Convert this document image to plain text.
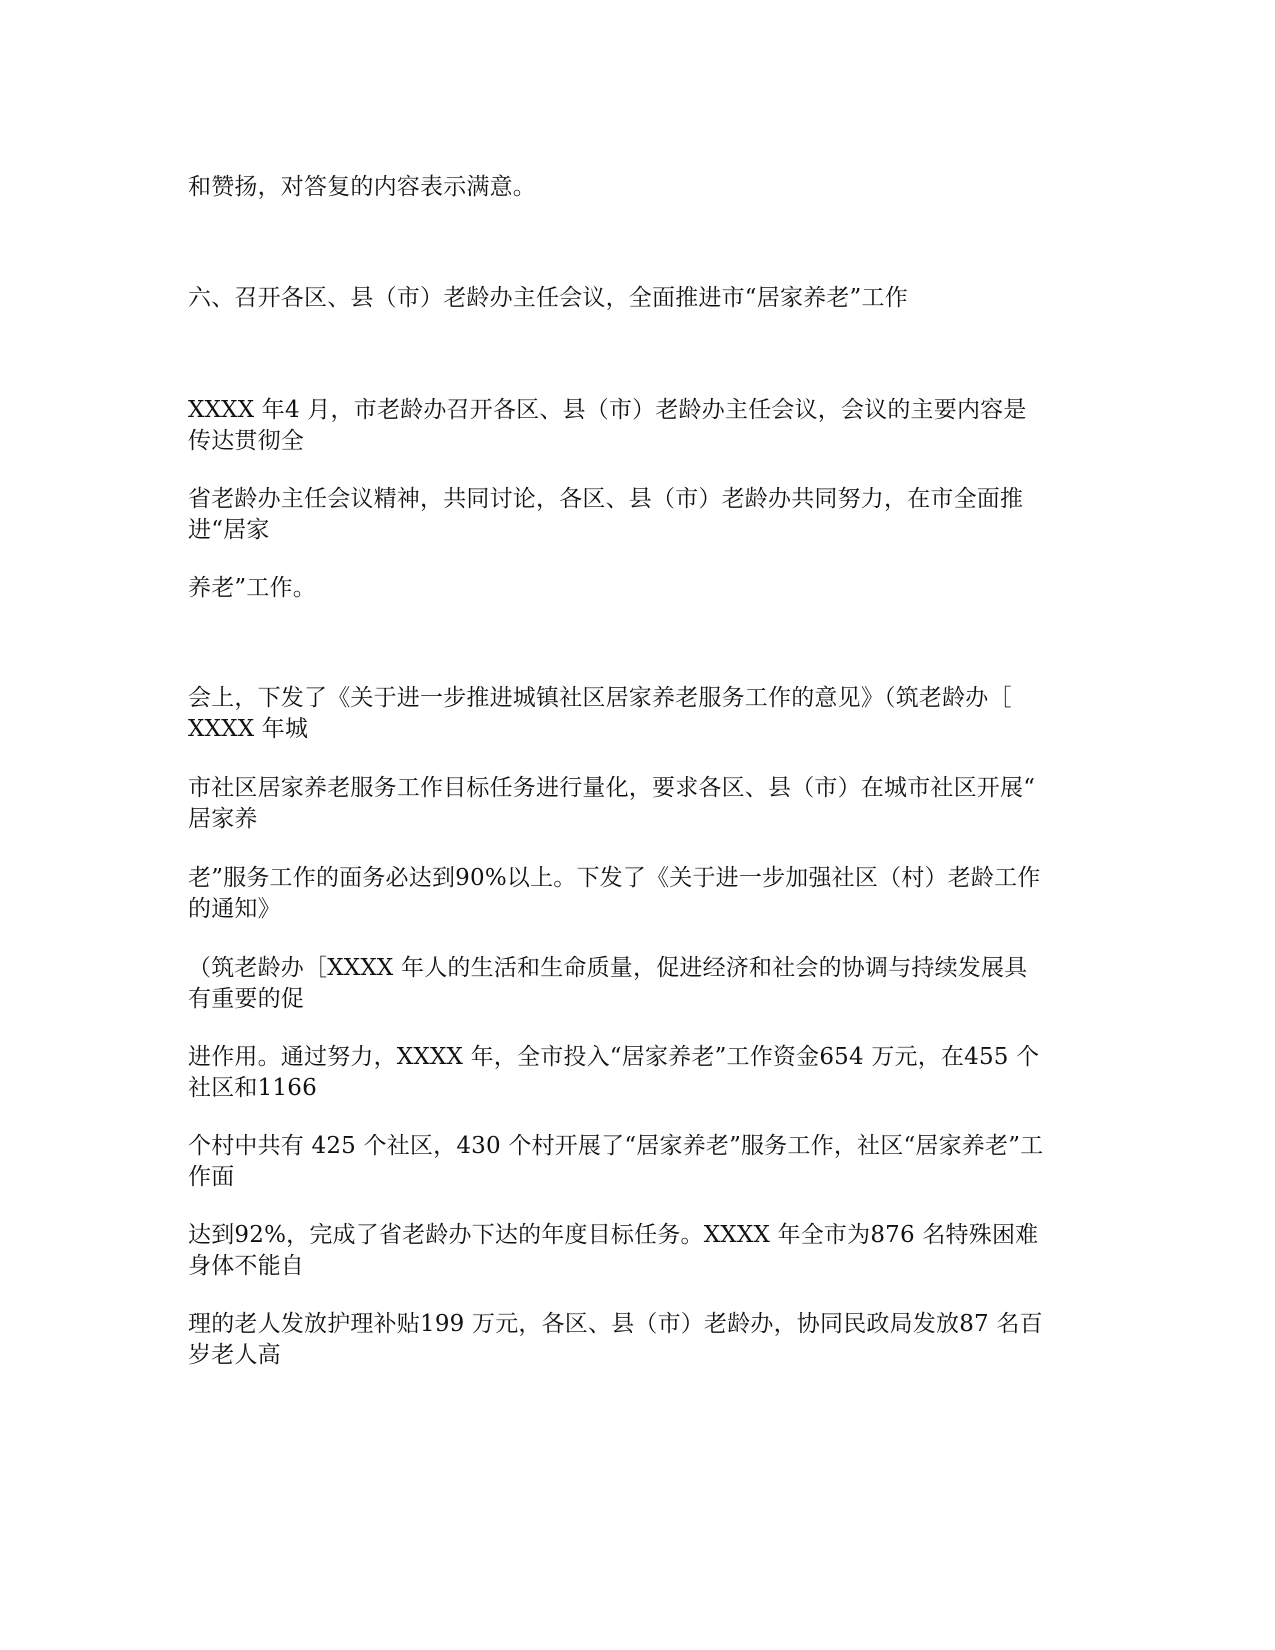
和赞扬，对答复的内容表示满意。
六、召开各区、县（市）老龄办主任会议，全面推进市“居家养老”工作
XXXX 年4 月，市老龄办召开各区、县（市）老龄办主任会议，会议的主要内容是
传达贯彻全
省老龄办主任会议精神，共同讨论，各区、县（市）老龄办共同努力，在市全面推
进“居家
养老”工作。
会上，下发了《关于进一步推进城镇社区居家养老服务工作的意见》（筑老龄办［
XXXX 年城
市社区居家养老服务工作目标任务进行量化，要求各区、县（市）在城市社区开展“
居家养
老”服务工作的面务必达到90%以上。下发了《关于进一步加强社区（村）老龄工作
的通知》
（筑老龄办［XXXX 年人的生活和生命质量，促进经济和社会的协调与持续发展具
有重要的促
进作用。通过努力，XXXX 年，全市投入“居家养老”工作资金654 万元，在455 个
社区和1166
个村中共有 425 个社区，430 个村开展了“居家养老”服务工作，社区“居家养老”工
作面
达到92%，完成了省老龄办下达的年度目标任务。XXXX 年全市为876 名特殊困难
身体不能自
理的老人发放护理补贴199 万元，各区、县（市）老龄办，协同民政局发放87 名百
岁老人高
